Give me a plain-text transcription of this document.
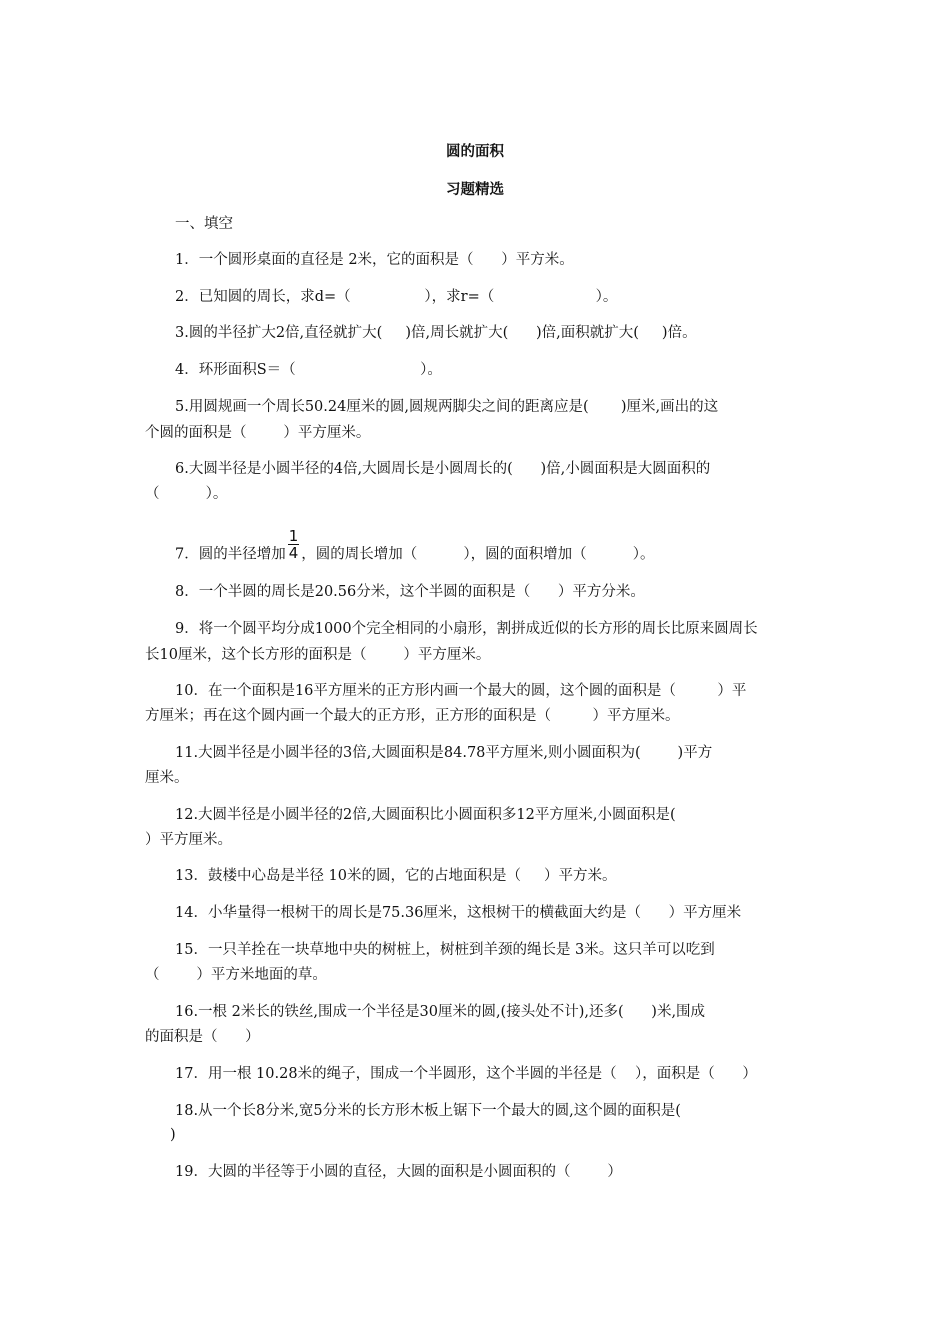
圆的面积
习题精选
一、填空
1．一个圆形桌面的直径是 2米，它的面积是（      ）平方米。
2．已知圆的周长，求d=（                ），求r=（                      ）。
3.圆的半径扩大2倍,直径就扩大(     )倍,周长就扩大(      )倍,面积就扩大(     )倍。
4．环形面积S＝（                           ）。
5.用圆规画一个周长50.24厘米的圆,圆规两脚尖之间的距离应是(       )厘米,画出的这
个圆的面积是（        ）平方厘米。
6.大圆半径是小圆半径的4倍,大圆周长是小圆周长的(      )倍,小圆面积是大圆面积的
（          ）。
7．圆的半径增加 $\frac{1}{4}$ ，圆的周长增加（          ），圆的面积增加（          ）。
8．一个半圆的周长是20.56分米，这个半圆的面积是（      ）平方分米。
9．将一个圆平均分成1000个完全相同的小扇形，割拼成近似的长方形的周长比原来圆周长
长10厘米，这个长方形的面积是（        ）平方厘米。
10．在一个面积是16平方厘米的正方形内画一个最大的圆，这个圆的面积是（         ）平
方厘米；再在这个圆内画一个最大的正方形，正方形的面积是（         ）平方厘米。
11.大圆半径是小圆半径的3倍,大圆面积是84.78平方厘米,则小圆面积为(        )平方
厘米。
12.大圆半径是小圆半径的2倍,大圆面积比小圆面积多12平方厘米,小圆面积是(
）平方厘米。
13．鼓楼中心岛是半径 10米的圆，它的占地面积是（     ）平方米。
14．小华量得一根树干的周长是75.36厘米，这根树干的横截面大约是（      ）平方厘米
15．一只羊拴在一块草地中央的树桩上，树桩到羊颈的绳长是 3米。这只羊可以吃到
（        ）平方米地面的草。
16.一根 2米长的铁丝,围成一个半径是30厘米的圆,(接头处不计),还多(      )米,围成
的面积是（      ）
17．用一根 10.28米的绳子，围成一个半圆形，这个半圆的半径是（    ），面积是（      ）
18.从一个长8分米,宽5分米的长方形木板上锯下一个最大的圆,这个圆的面积是(
)
19．大圆的半径等于小圆的直径，大圆的面积是小圆面积的（        ）
